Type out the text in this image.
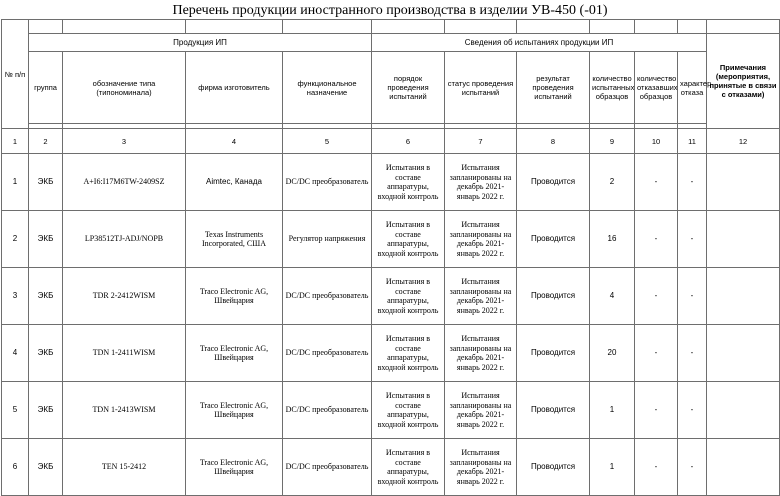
Перечень продукции иностранного производства в изделии УВ-450 (-01)
№ п/п											
	Продукция ИП				Сведения об испытаниях продукции ИП						Примечания (мероприятия, принятые в связи с отказами)
	группа	обозначение типа (типономинала)	фирма изготовитель	функциональное назначение	порядок проведения испытаний	статус проведения испытаний	результат проведения испытаний	количество испытанных образцов	количество отказавших образцов	характер отказа	

1	2	3	4	5	6	7	8	9	10	11	12
1	ЭКБ	A+I6:I17M6TW-2409SZ	Aimtec, Канада	DC/DC преобразователь	Испытания в составе аппаратуры, входной контроль	Испытания запланированы на декабрь 2021-январь 2022 г.	Проводится	2	-	-	
2	ЭКБ	LP38512TJ-ADJ/NOPB	Texas Instruments Incorporated, США	Регулятор напряжения	Испытания в составе аппаратуры, входной контроль	Испытания запланированы на декабрь 2021-январь 2022 г.	Проводится	16	-	-	
3	ЭКБ	TDR 2-2412WISM	Traco Electronic AG, Швейцария	DC/DC преобразователь	Испытания в составе аппаратуры, входной контроль	Испытания запланированы на декабрь 2021-январь 2022 г.	Проводится	4	-	-	
4	ЭКБ	TDN 1-2411WISM	Traco Electronic AG, Швейцария	DC/DC преобразователь	Испытания в составе аппаратуры, входной контроль	Испытания запланированы на декабрь 2021-январь 2022 г.	Проводится	20	-	-	
5	ЭКБ	TDN 1-2413WISM	Traco Electronic AG, Швейцария	DC/DC преобразователь	Испытания в составе аппаратуры, входной контроль	Испытания запланированы на декабрь 2021-январь 2022 г.	Проводится	1	-	-	
6	ЭКБ	TEN 15-2412	Traco Electronic AG, Швейцария	DC/DC преобразователь	Испытания в составе аппаратуры, входной контроль	Испытания запланированы на декабрь 2021-январь 2022 г.	Проводится	1	-	-	
